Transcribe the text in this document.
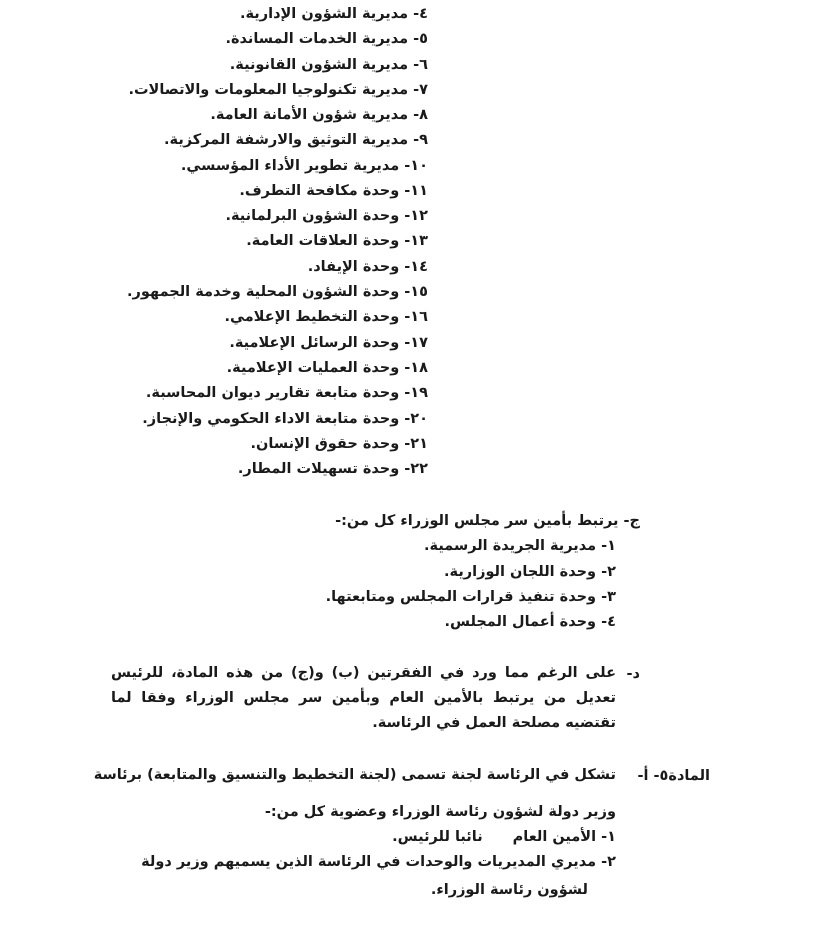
٤- مديرية الشؤون الإدارية.
٥- مديرية الخدمات المساندة.
٦- مديرية الشؤون القانونية.
٧- مديرية تكنولوجيا المعلومات والاتصالات.
٨- مديرية شؤون الأمانة العامة.
٩- مديرية التوثيق والارشفة المركزية.
١٠- مديرية تطوير الأداء المؤسسي.
١١- وحدة مكافحة التطرف.
١٢- وحدة الشؤون البرلمانية.
١٣- وحدة العلاقات العامة.
١٤- وحدة الإيفاد.
١٥- وحدة الشؤون المحلية وخدمة الجمهور.
١٦- وحدة التخطيط الإعلامي.
١٧- وحدة الرسائل الإعلامية.
١٨- وحدة العمليات الإعلامية.
١٩- وحدة متابعة تقارير ديوان المحاسبة.
٢٠- وحدة متابعة الاداء الحكومي والإنجاز.
٢١- وحدة حقوق الإنسان.
٢٢- وحدة تسهيلات المطار.
ج- يرتبط بأمين سر مجلس الوزراء كل من:-
١- مديرية الجريدة الرسمية.
٢- وحدة اللجان الوزارية.
٣- وحدة تنفيذ قرارات المجلس ومتابعتها.
٤- وحدة أعمال المجلس.
د-
على الرغم مما ورد في الفقرتين (ب) و(ج) من هذه المادة، للرئيس تعديل من يرتبط بالأمين العام وبأمين سر مجلس الوزراء وفقا لما تقتضيه مصلحة العمل في الرئاسة.
المادة٥- أ-
تشكل في الرئاسة لجنة تسمى (لجنة التخطيط والتنسيق والمتابعة) برئاسة
وزير دولة لشؤون رئاسة الوزراء وعضوية كل من:-
١- الأمين العامنائبا للرئيس.
٢- مديري المديريات والوحدات في الرئاسة الذين يسميهم وزير دولة
لشؤون رئاسة الوزراء.
